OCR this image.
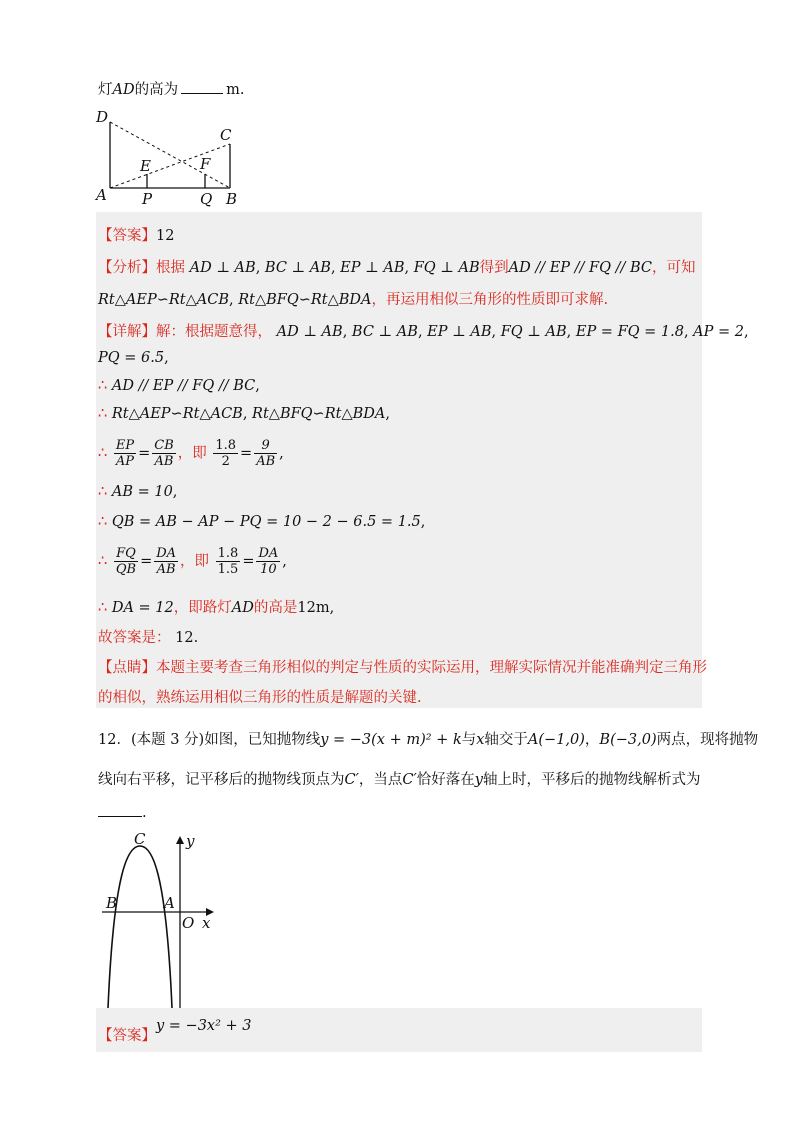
灯AD的高为	m.
D
C
E	F
A P	Q B
【答案】12
【分析】根据 AD ⊥ AB, BC ⊥ AB, EP ⊥ AB, FQ ⊥ AB得到AD // EP // FQ // BC，可知
Rt△AEP∽Rt△ACB, Rt△BFQ∽Rt△BDA，再运用相似三角形的性质即可求解.
【详解】解：根据题意得， AD ⊥ AB, BC ⊥ AB, EP ⊥ AB, FQ ⊥ AB, EP = FQ = 1.8, AP = 2,
PQ = 6.5,
∴ AD // EP // FQ // BC,
∴ Rt△AEP∽Rt△ACB, Rt△BFQ∽Rt△BDA,
∴ $\frac{EP}{AP} = \frac{CB}{AB}$ ，即 $\frac{1.8}{2} = \frac{9}{AB}$ ,
∴ AB = 10,
∴ QB = AB − AP − PQ = 10 − 2 − 6.5 = 1.5,
∴ $\frac{FQ}{QB} = \frac{DA}{AB}$ ，即 $\frac{1.8}{1.5} = \frac{DA}{10}$ ,
∴ DA = 12，即路灯AD的高是12m,
故答案是： 12.
【点睛】本题主要考查三角形相似的判定与性质的实际运用，理解实际情况并能准确判定三角形
的相似，熟练运用相似三角形的性质是解题的关键.
12．(本题 3 分)如图，已知抛物线y = −3(x + m)² + k与x轴交于A(−1,0)，B(−3,0)两点，现将抛物
线向右平移，记平移后的抛物线顶点为C′，当点C′恰好落在y轴上时，平移后的抛物线解析式为
.
C	y
B	A
O x
【答案】y = −3x² + 3
